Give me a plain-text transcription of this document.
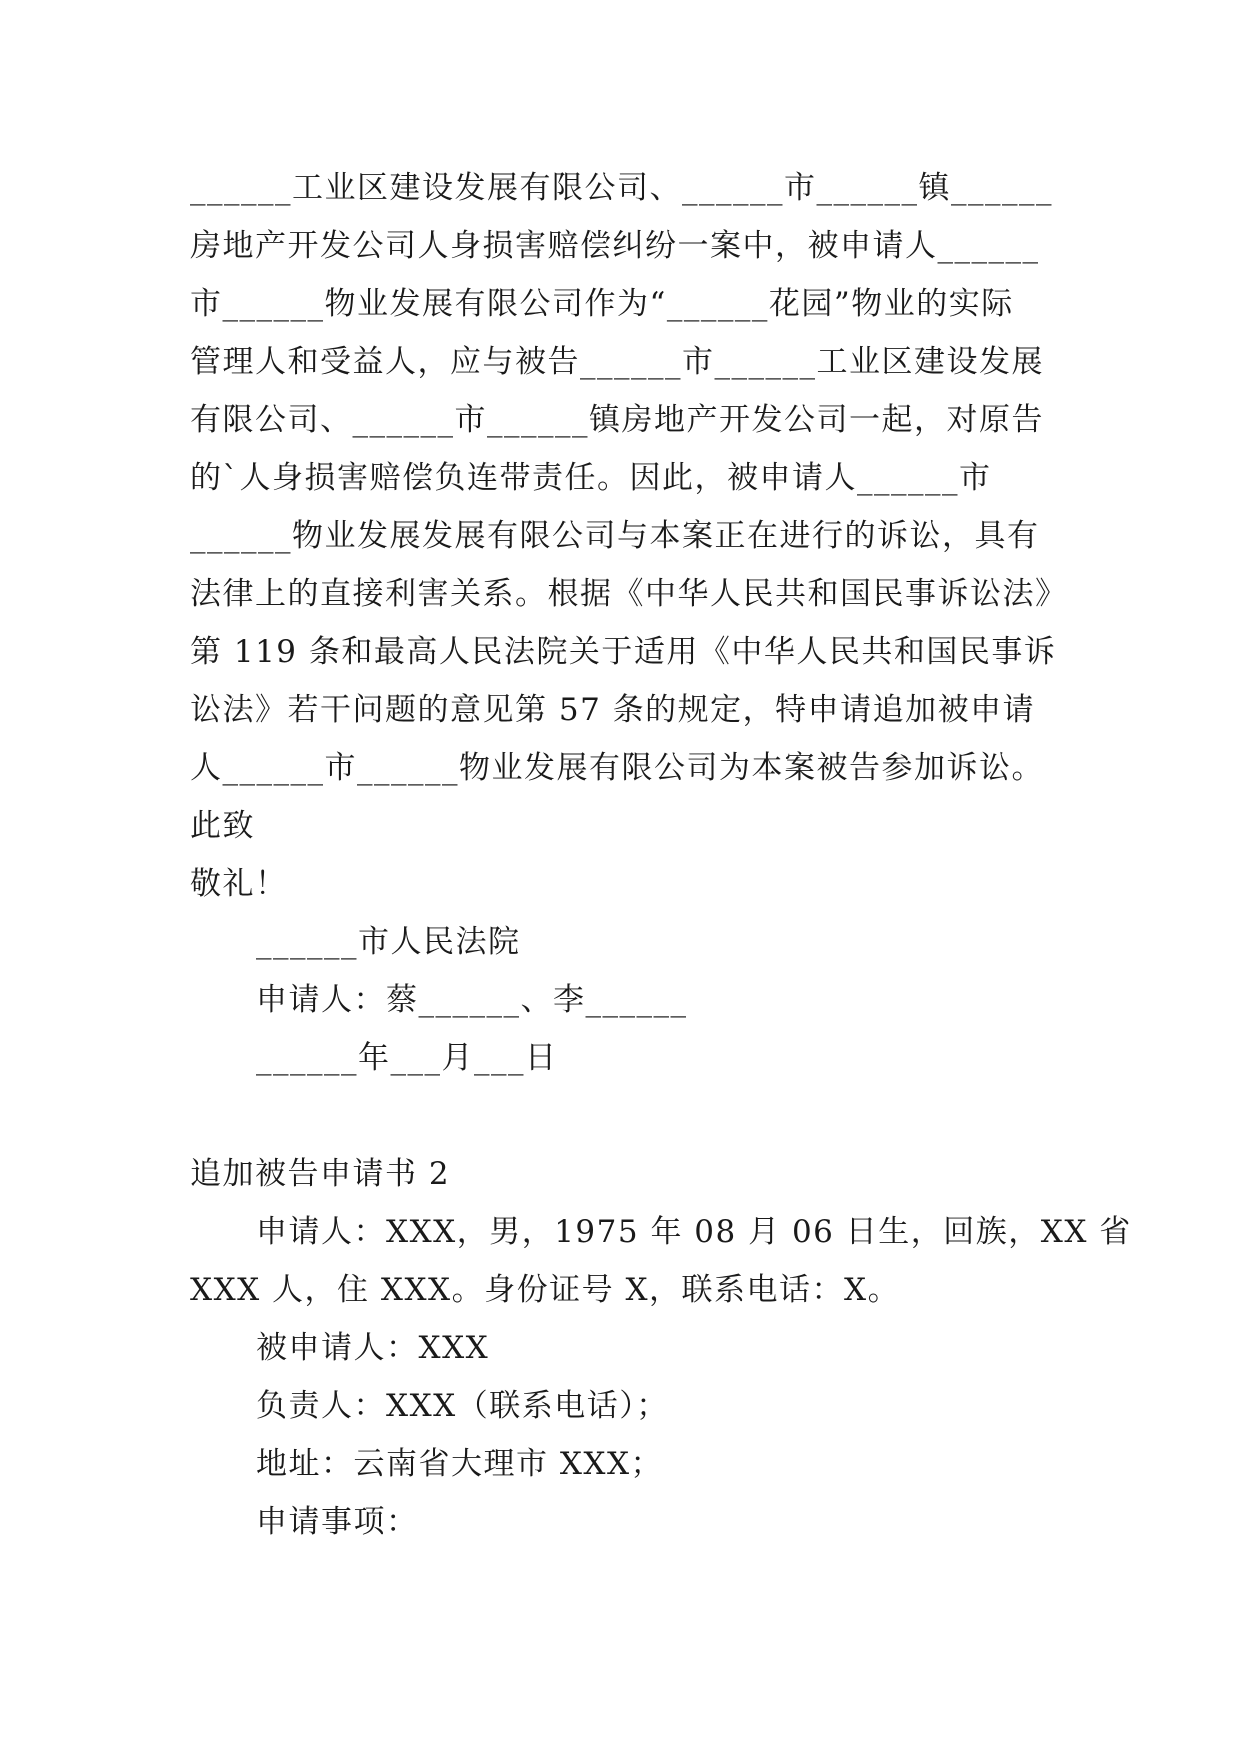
______工业区建设发展有限公司、______市______镇______
房地产开发公司人身损害赔偿纠纷一案中，被申请人______
市______物业发展有限公司作为“______花园”物业的实际
管理人和受益人，应与被告______市______工业区建设发展
有限公司、______市______镇房地产开发公司一起，对原告
的`人身损害赔偿负连带责任。因此，被申请人______市
______物业发展发展有限公司与本案正在进行的诉讼，具有
法律上的直接利害关系。根据《中华人民共和国民事诉讼法》
第 119 条和最高人民法院关于适用《中华人民共和国民事诉
讼法》若干问题的意见第 57 条的规定，特申请追加被申请
人______市______物业发展有限公司为本案被告参加诉讼。
此致
敬礼！
______市人民法院
申请人：蔡______、李______
______年___月___日
追加被告申请书 2
申请人：XXX，男，1975 年 08 月 06 日生，回族，XX 省
XXX 人，住 XXX。身份证号 X，联系电话：X。
被申请人：XXX
负责人：XXX（联系电话）；
地址：云南省大理市 XXX；
申请事项：
